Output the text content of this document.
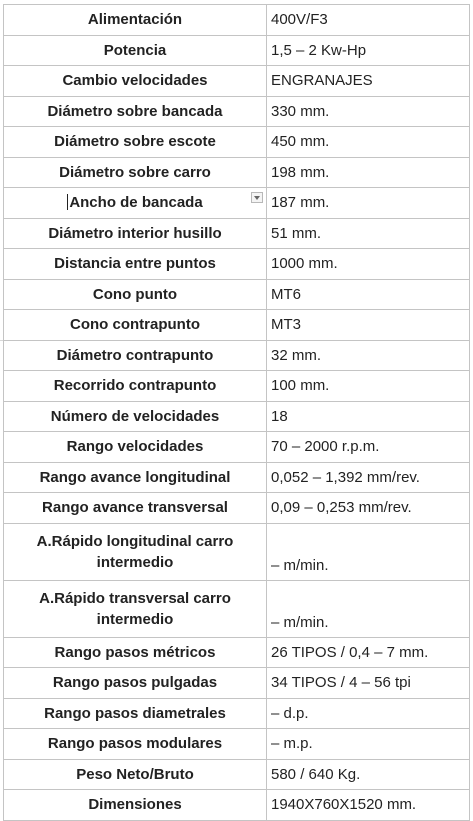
Alimentación	400V/F3
Potencia	1,5 – 2 Kw-Hp
Cambio velocidades	ENGRANAJES
Diámetro sobre bancada	330 mm.
Diámetro sobre escote	450 mm.
Diámetro sobre carro	198 mm.
Ancho de bancada	187 mm.
Diámetro interior husillo	51 mm.
Distancia entre puntos	1000 mm.
Cono punto	MT6
Cono contrapunto	MT3
Diámetro contrapunto	32 mm.
Recorrido contrapunto	100 mm.
Número de velocidades	18
Rango velocidades	70 – 2000 r.p.m.
Rango avance longitudinal	0,052 – 1,392 mm/rev.
Rango avance transversal	0,09 – 0,253 mm/rev.
A.Rápido longitudinal carro intermedio	– m/min.
A.Rápido transversal carro intermedio	– m/min.
Rango pasos métricos	26 TIPOS / 0,4 – 7 mm.
Rango pasos pulgadas	34 TIPOS / 4 – 56 tpi
Rango pasos diametrales	– d.p.
Rango pasos modulares	– m.p.
Peso Neto/Bruto	580 / 640 Kg.
Dimensiones	1940X760X1520 mm.
